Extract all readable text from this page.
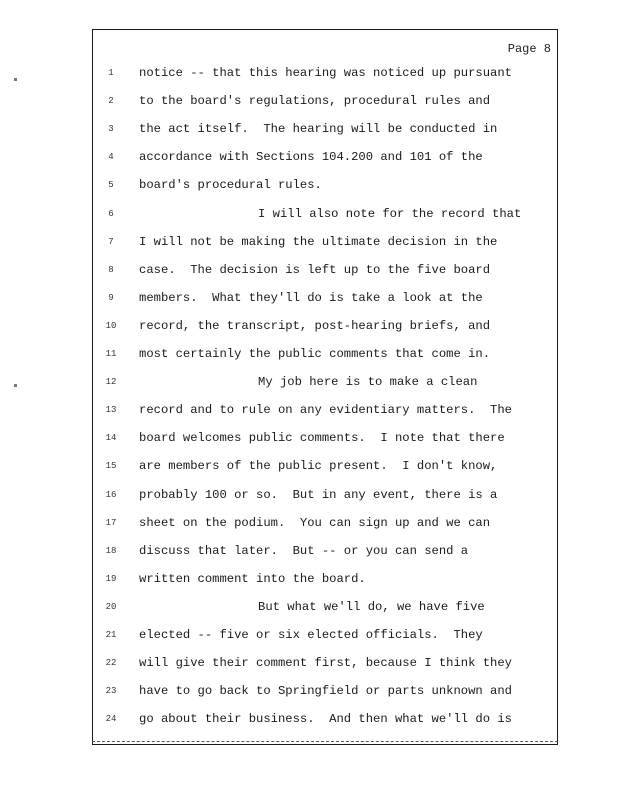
Page 8
1	notice -- that this hearing was noticed up pursuant
2	to the board's regulations, procedural rules and
3	the act itself.  The hearing will be conducted in
4	accordance with Sections 104.200 and 101 of the
5	board's procedural rules.
6	I will also note for the record that
7	I will not be making the ultimate decision in the
8	case.  The decision is left up to the five board
9	members.  What they'll do is take a look at the
10	record, the transcript, post-hearing briefs, and
11	most certainly the public comments that come in.
12	My job here is to make a clean
13	record and to rule on any evidentiary matters.  The
14	board welcomes public comments.  I note that there
15	are members of the public present.  I don't know,
16	probably 100 or so.  But in any event, there is a
17	sheet on the podium.  You can sign up and we can
18	discuss that later.  But -- or you can send a
19	written comment into the board.
20	But what we'll do, we have five
21	elected -- five or six elected officials.  They
22	will give their comment first, because I think they
23	have to go back to Springfield or parts unknown and
24	go about their business.  And then what we'll do is
